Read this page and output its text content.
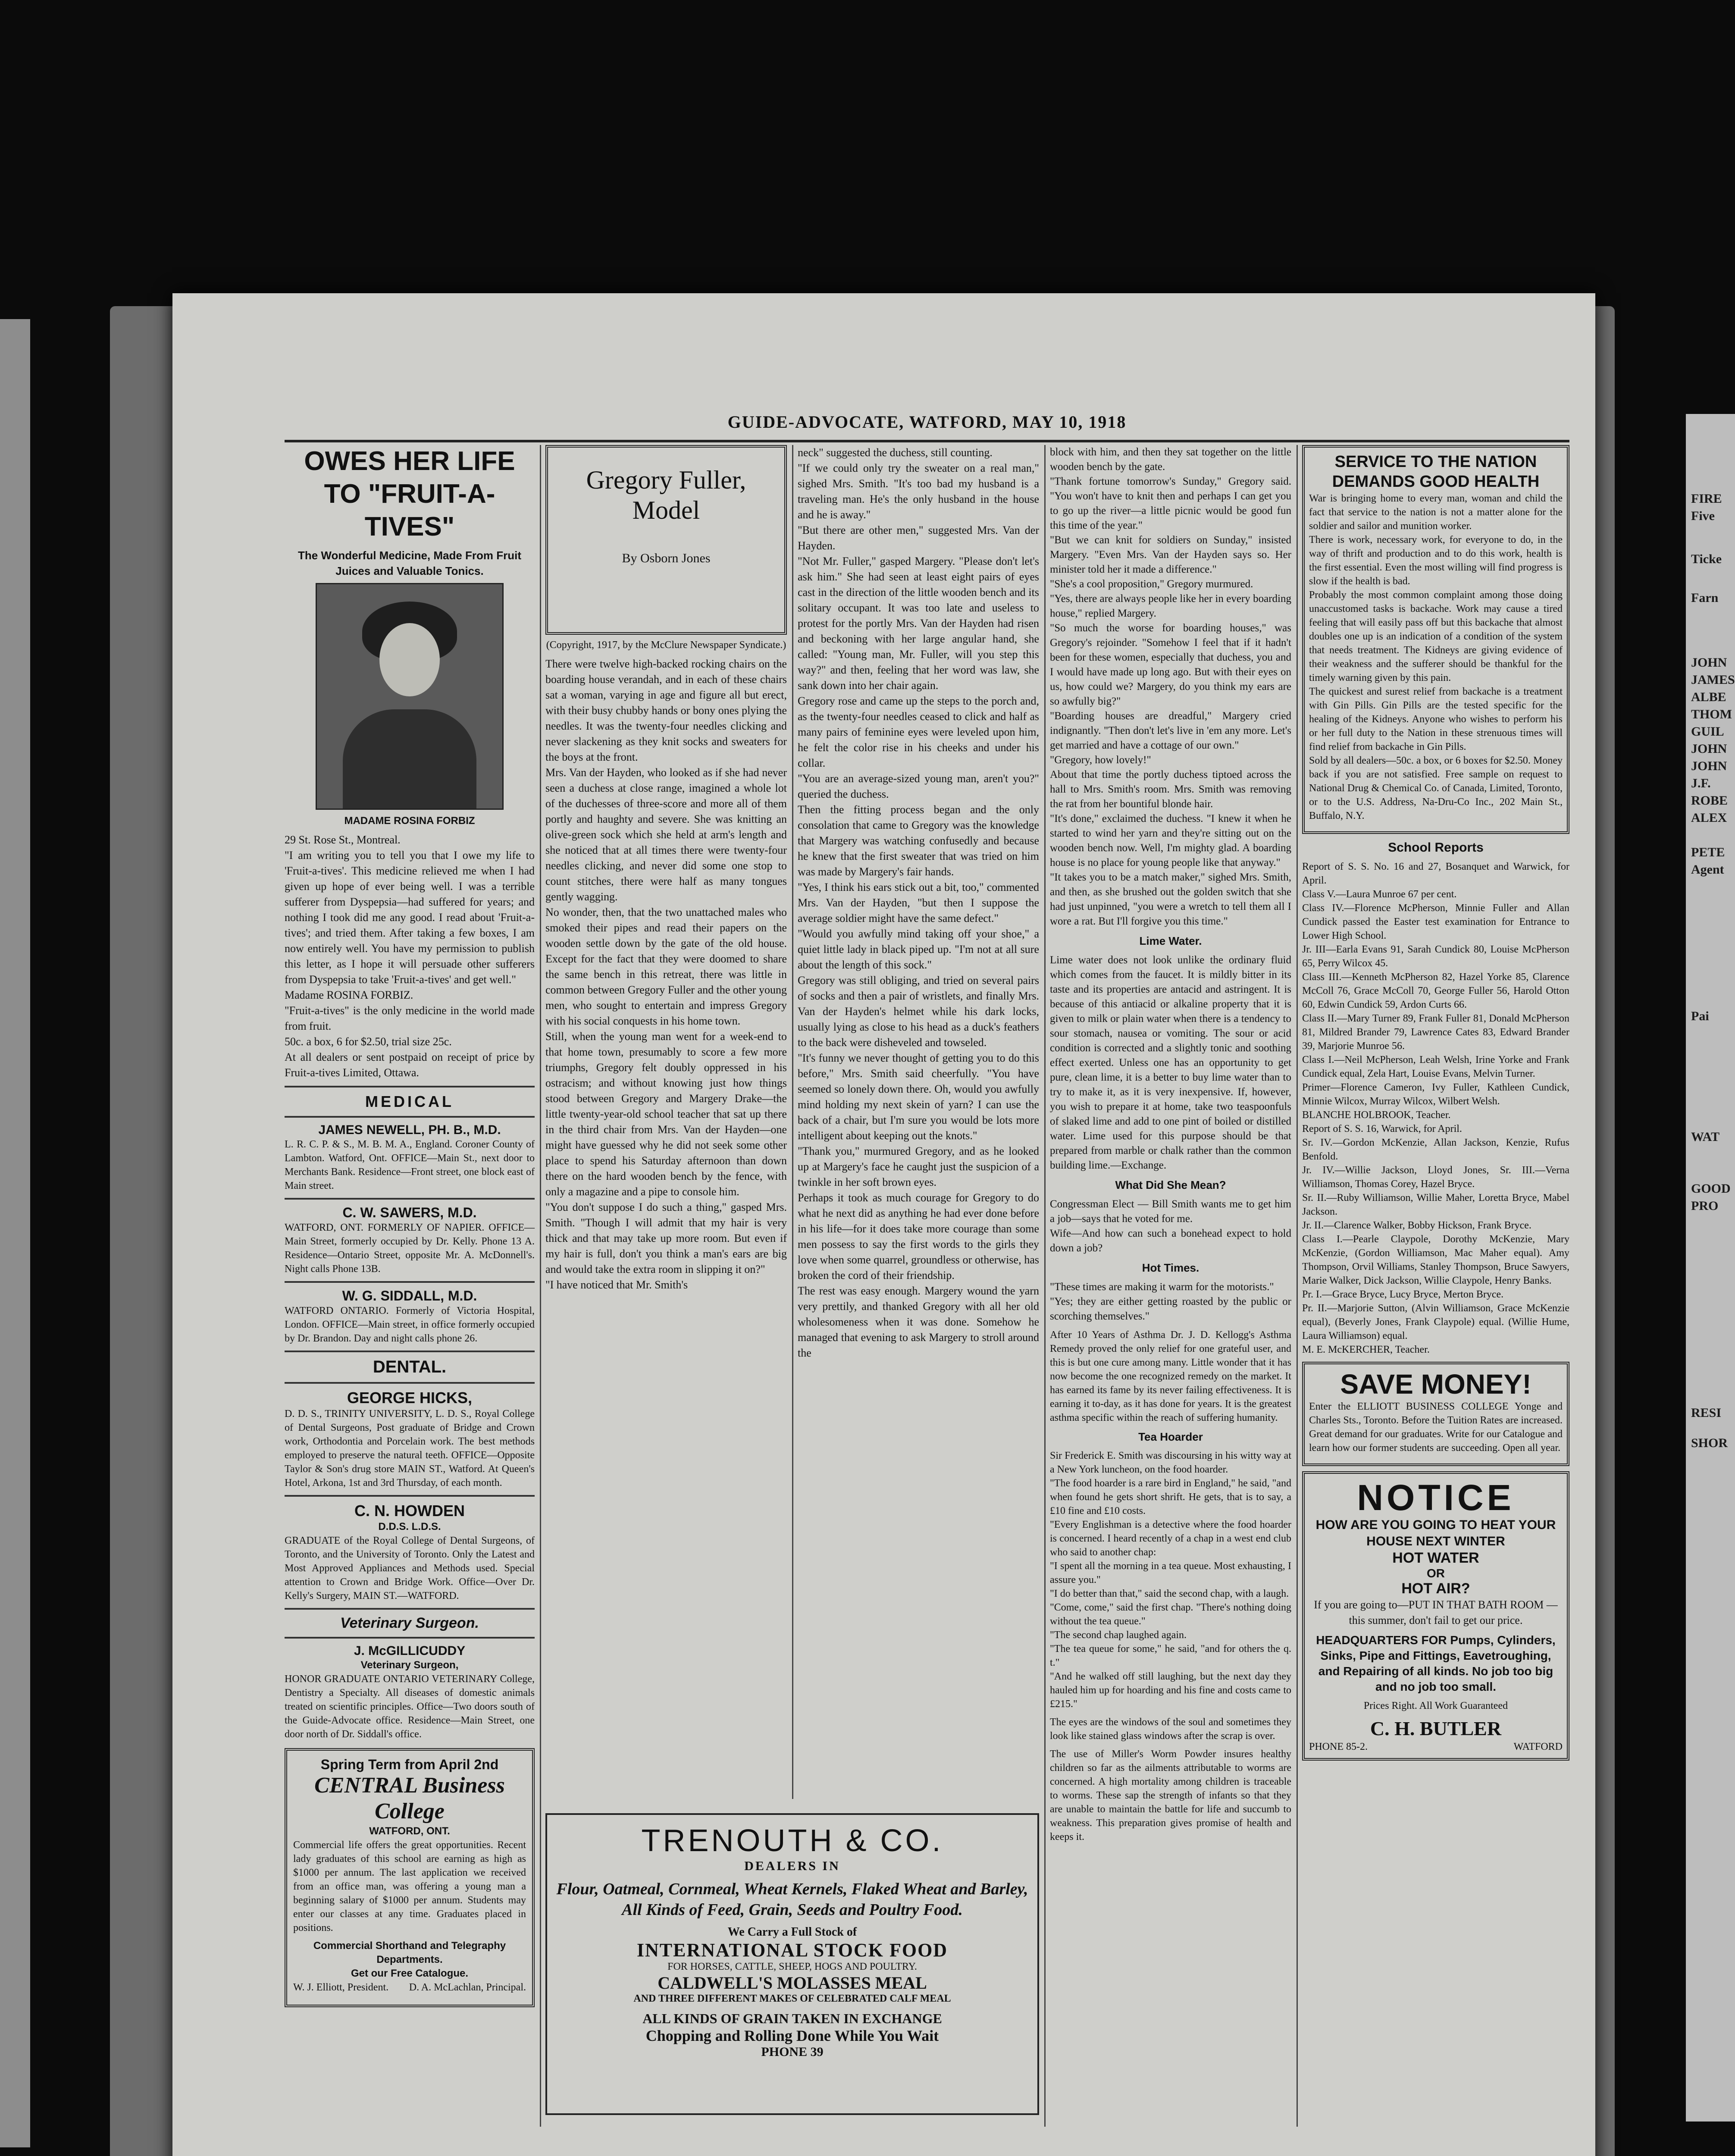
FIRE
Five
Ticke
Farn
JOHN
JAMES
ALBE
THOM
GUIL
JOHN
JOHN
J.F.
ROBE
ALEX
PETE
Agent
Pai
WAT
GOOD
PRO
RESI
SHOR
GUIDE-ADVOCATE, WATFORD, MAY 10, 1918
OWES HER LIFE TO "FRUIT-A-TIVES"
The Wonderful Medicine, Made From Fruit Juices and Valuable Tonics.
MADAME ROSINA FORBIZ
29 St. Rose St., Montreal.
"I am writing you to tell you that I owe my life to 'Fruit-a-tives'. This medicine relieved me when I had given up hope of ever being well. I was a terrible sufferer from Dyspepsia—had suffered for years; and nothing I took did me any good. I read about 'Fruit-a-tives'; and tried them. After taking a few boxes, I am now entirely well. You have my permission to publish this letter, as I hope it will persuade other sufferers from Dyspepsia to take 'Fruit-a-tives' and get well."
Madame ROSINA FORBIZ.
"Fruit-a-tives" is the only medicine in the world made from fruit.
50c. a box, 6 for $2.50, trial size 25c.
At all dealers or sent postpaid on receipt of price by Fruit-a-tives Limited, Ottawa.
MEDICAL
JAMES NEWELL, PH. B., M.D.
L. R. C. P. & S., M. B. M. A., England. Coroner County of Lambton. Watford, Ont. OFFICE—Main St., next door to Merchants Bank. Residence—Front street, one block east of Main street.
C. W. SAWERS, M.D.
WATFORD, ONT. FORMERLY OF NAPIER. OFFICE—Main Street, formerly occupied by Dr. Kelly. Phone 13 A. Residence—Ontario Street, opposite Mr. A. McDonnell's. Night calls Phone 13B.
W. G. SIDDALL, M.D.
WATFORD ONTARIO. Formerly of Victoria Hospital, London. OFFICE—Main street, in office formerly occupied by Dr. Brandon. Day and night calls phone 26.
DENTAL.
GEORGE HICKS,
D. D. S., TRINITY UNIVERSITY, L. D. S., Royal College of Dental Surgeons, Post graduate of Bridge and Crown work, Orthodontia and Porcelain work. The best methods employed to preserve the natural teeth. OFFICE—Opposite Taylor & Son's drug store MAIN ST., Watford. At Queen's Hotel, Arkona, 1st and 3rd Thursday, of each month.
C. N. HOWDEN
D.D.S. L.D.S.
GRADUATE of the Royal College of Dental Surgeons, of Toronto, and the University of Toronto. Only the Latest and Most Approved Appliances and Methods used. Special attention to Crown and Bridge Work. Office—Over Dr. Kelly's Surgery, MAIN ST.—WATFORD.
Veterinary Surgeon.
J. McGILLICUDDY
Veterinary Surgeon,
HONOR GRADUATE ONTARIO VETERINARY College, Dentistry a Specialty. All diseases of domestic animals treated on scientific principles. Office—Two doors south of the Guide-Advocate office. Residence—Main Street, one door north of Dr. Siddall's office.
Spring Term from April 2nd
CENTRAL Business College
WATFORD, ONT.
Commercial life offers the great opportunities. Recent lady graduates of this school are earning as high as $1000 per annum. The last application we received from an office man, was offering a young man a beginning salary of $1000 per annum. Students may enter our classes at any time. Graduates placed in positions.
Commercial Shorthand and Telegraphy Departments.
Get our Free Catalogue.
W. J. Elliott, President. D. A. McLachlan, Principal.
Gregory Fuller, Model
By Osborn Jones
(Copyright, 1917, by the McClure Newspaper Syndicate.)
There were twelve high-backed rocking chairs on the boarding house verandah, and in each of these chairs sat a woman, varying in age and figure all but erect, with their busy chubby hands or bony ones plying the needles. It was the twenty-four needles clicking and never slackening as they knit socks and sweaters for the boys at the front.
Mrs. Van der Hayden, who looked as if she had never seen a duchess at close range, imagined a whole lot of the duchesses of three-score and more all of them portly and haughty and severe. She was knitting an olive-green sock which she held at arm's length and she noticed that at all times there were twenty-four needles clicking, and never did some one stop to count stitches, there were half as many tongues gently wagging.
No wonder, then, that the two unattached males who smoked their pipes and read their papers on the wooden settle down by the gate of the old house. Except for the fact that they were doomed to share the same bench in this retreat, there was little in common between Gregory Fuller and the other young men, who sought to entertain and impress Gregory with his social conquests in his home town.
Still, when the young man went for a week-end to that home town, presumably to score a few more triumphs, Gregory felt doubly oppressed in his ostracism; and without knowing just how things stood between Gregory and Margery Drake—the little twenty-year-old school teacher that sat up there in the third chair from Mrs. Van der Hayden—one might have guessed why he did not seek some other place to spend his Saturday afternoon than down there on the hard wooden bench by the fence, with only a magazine and a pipe to console him.
"You don't suppose I do such a thing," gasped Mrs. Smith. "Though I will admit that my hair is very thick and that may take up more room. But even if my hair is full, don't you think a man's ears are big and would take the extra room in slipping it on?"
"I have noticed that Mr. Smith's
neck" suggested the duchess, still counting.
"If we could only try the sweater on a real man," sighed Mrs. Smith. "It's too bad my husband is a traveling man. He's the only husband in the house and he is away."
"But there are other men," suggested Mrs. Van der Hayden.
"Not Mr. Fuller," gasped Margery. "Please don't let's ask him." She had seen at least eight pairs of eyes cast in the direction of the little wooden bench and its solitary occupant. It was too late and useless to protest for the portly Mrs. Van der Hayden had risen and beckoning with her large angular hand, she called: "Young man, Mr. Fuller, will you step this way?" and then, feeling that her word was law, she sank down into her chair again.
Gregory rose and came up the steps to the porch and, as the twenty-four needles ceased to click and half as many pairs of feminine eyes were leveled upon him, he felt the color rise in his cheeks and under his collar.
"You are an average-sized young man, aren't you?" queried the duchess.
Then the fitting process began and the only consolation that came to Gregory was the knowledge that Margery was watching confusedly and because he knew that the first sweater that was tried on him was made by Margery's fair hands.
"Yes, I think his ears stick out a bit, too," commented Mrs. Van der Hayden, "but then I suppose the average soldier might have the same defect."
"Would you awfully mind taking off your shoe," a quiet little lady in black piped up. "I'm not at all sure about the length of this sock."
Gregory was still obliging, and tried on several pairs of socks and then a pair of wristlets, and finally Mrs. Van der Hayden's helmet while his dark locks, usually lying as close to his head as a duck's feathers to the back were disheveled and towseled.
"It's funny we never thought of getting you to do this before," Mrs. Smith said cheerfully. "You have seemed so lonely down there. Oh, would you awfully mind holding my next skein of yarn? I can use the back of a chair, but I'm sure you would be lots more intelligent about keeping out the knots."
"Thank you," murmured Gregory, and as he looked up at Margery's face he caught just the suspicion of a twinkle in her soft brown eyes.
Perhaps it took as much courage for Gregory to do what he next did as anything he had ever done before in his life—for it does take more courage than some men possess to say the first words to the girls they love when some quarrel, groundless or otherwise, has broken the cord of their friendship.
The rest was easy enough. Margery wound the yarn very prettily, and thanked Gregory with all her old wholesomeness when it was done. Somehow he managed that evening to ask Margery to stroll around the
TRENOUTH & CO.
DEALERS IN
Flour, Oatmeal, Cornmeal, Wheat Kernels, Flaked Wheat and Barley, All Kinds of Feed, Grain, Seeds and Poultry Food.
We Carry a Full Stock of
INTERNATIONAL STOCK FOOD
FOR HORSES, CATTLE, SHEEP, HOGS AND POULTRY.
CALDWELL'S MOLASSES MEAL
AND THREE DIFFERENT MAKES OF CELEBRATED CALF MEAL
ALL KINDS OF GRAIN TAKEN IN EXCHANGE
Chopping and Rolling Done While You Wait
PHONE 39
block with him, and then they sat together on the little wooden bench by the gate.
"Thank fortune tomorrow's Sunday," Gregory said. "You won't have to knit then and perhaps I can get you to go up the river—a little picnic would be good fun this time of the year."
"But we can knit for soldiers on Sunday," insisted Margery. "Even Mrs. Van der Hayden says so. Her minister told her it made a difference."
"She's a cool proposition," Gregory murmured.
"Yes, there are always people like her in every boarding house," replied Margery.
"So much the worse for boarding houses," was Gregory's rejoinder. "Somehow I feel that if it hadn't been for these women, especially that duchess, you and I would have made up long ago. But with their eyes on us, how could we? Margery, do you think my ears are so awfully big?"
"Boarding houses are dreadful," Margery cried indignantly. "Then don't let's live in 'em any more. Let's get married and have a cottage of our own."
"Gregory, how lovely!"
About that time the portly duchess tiptoed across the hall to Mrs. Smith's room. Mrs. Smith was removing the rat from her bountiful blonde hair.
"It's done," exclaimed the duchess. "I knew it when he started to wind her yarn and they're sitting out on the wooden bench now. Well, I'm mighty glad. A boarding house is no place for young people like that anyway."
"It takes you to be a match maker," sighed Mrs. Smith, and then, as she brushed out the golden switch that she had just unpinned, "you were a wretch to tell them all I wore a rat. But I'll forgive you this time."
Lime Water.
Lime water does not look unlike the ordinary fluid which comes from the faucet. It is mildly bitter in its taste and its properties are antacid and astringent. It is because of this antiacid or alkaline property that it is given to milk or plain water when there is a tendency to sour stomach, nausea or vomiting. The sour or acid condition is corrected and a slightly tonic and soothing effect exerted. Unless one has an opportunity to get pure, clean lime, it is a better to buy lime water than to try to make it, as it is very inexpensive. If, however, you wish to prepare it at home, take two teaspoonfuls of slaked lime and add to one pint of boiled or distilled water. Lime used for this purpose should be that prepared from marble or chalk rather than the common building lime.—Exchange.
What Did She Mean?
Congressman Elect — Bill Smith wants me to get him a job—says that he voted for me.
Wife—And how can such a bonehead expect to hold down a job?
Hot Times.
"These times are making it warm for the motorists."
"Yes; they are either getting roasted by the public or scorching themselves."
After 10 Years of Asthma Dr. J. D. Kellogg's Asthma Remedy proved the only relief for one grateful user, and this is but one cure among many. Little wonder that it has now become the one recognized remedy on the market. It has earned its fame by its never failing effectiveness. It is earning it to-day, as it has done for years. It is the greatest asthma specific within the reach of suffering humanity.
Tea Hoarder
Sir Frederick E. Smith was discoursing in his witty way at a New York luncheon, on the food hoarder.
"The food hoarder is a rare bird in England," he said, "and when found he gets short shrift. He gets, that is to say, a £10 fine and £10 costs.
"Every Englishman is a detective where the food hoarder is concerned. I heard recently of a chap in a west end club who said to another chap:
"I spent all the morning in a tea queue. Most exhausting, I assure you."
"I do better than that," said the second chap, with a laugh.
"Come, come," said the first chap. "There's nothing doing without the tea queue."
"The second chap laughed again.
"The tea queue for some," he said, "and for others the q. t."
"And he walked off still laughing, but the next day they hauled him up for hoarding and his fine and costs came to £215."
The eyes are the windows of the soul and sometimes they look like stained glass windows after the scrap is over.
The use of Miller's Worm Powder insures healthy children so far as the ailments attributable to worms are concerned. A high mortality among children is traceable to worms. These sap the strength of infants so that they are unable to maintain the battle for life and succumb to weakness. This preparation gives promise of health and keeps it.
SERVICE TO THE NATION DEMANDS GOOD HEALTH
War is bringing home to every man, woman and child the fact that service to the nation is not a matter alone for the soldier and sailor and munition worker.
There is work, necessary work, for everyone to do, in the way of thrift and production and to do this work, health is the first essential. Even the most willing will find progress is slow if the health is bad.
Probably the most common complaint among those doing unaccustomed tasks is backache. Work may cause a tired feeling that will easily pass off but this backache that almost doubles one up is an indication of a condition of the system that needs treatment. The Kidneys are giving evidence of their weakness and the sufferer should be thankful for the timely warning given by this pain.
The quickest and surest relief from backache is a treatment with Gin Pills. Gin Pills are the tested specific for the healing of the Kidneys. Anyone who wishes to perform his or her full duty to the Nation in these strenuous times will find relief from backache in Gin Pills.
Sold by all dealers—50c. a box, or 6 boxes for $2.50. Money back if you are not satisfied. Free sample on request to National Drug & Chemical Co. of Canada, Limited, Toronto, or to the U.S. Address, Na-Dru-Co Inc., 202 Main St., Buffalo, N.Y.
School Reports
Report of S. S. No. 16 and 27, Bosanquet and Warwick, for April.
Class V.—Laura Munroe 67 per cent.
Class IV.—Florence McPherson, Minnie Fuller and Allan Cundick passed the Easter test examination for Entrance to Lower High School.
Jr. III—Earla Evans 91, Sarah Cundick 80, Louise McPherson 65, Perry Wilcox 45.
Class III.—Kenneth McPherson 82, Hazel Yorke 85, Clarence McColl 76, Grace McColl 70, George Fuller 56, Harold Otton 60, Edwin Cundick 59, Ardon Curts 66.
Class II.—Mary Turner 89, Frank Fuller 81, Donald McPherson 81, Mildred Brander 79, Lawrence Cates 83, Edward Brander 39, Marjorie Munroe 56.
Class I.—Neil McPherson, Leah Welsh, Irine Yorke and Frank Cundick equal, Zela Hart, Louise Evans, Melvin Turner.
Primer—Florence Cameron, Ivy Fuller, Kathleen Cundick, Minnie Wilcox, Murray Wilcox, Wilbert Welsh.
BLANCHE HOLBROOK, Teacher.
Report of S. S. 16, Warwick, for April.
Sr. IV.—Gordon McKenzie, Allan Jackson, Kenzie, Rufus Benfold.
Jr. IV.—Willie Jackson, Lloyd Jones, Sr. III.—Verna Williamson, Thomas Corey, Hazel Bryce.
Sr. II.—Ruby Williamson, Willie Maher, Loretta Bryce, Mabel Jackson.
Jr. II.—Clarence Walker, Bobby Hickson, Frank Bryce.
Class I.—Pearle Claypole, Dorothy McKenzie, Mary McKenzie, (Gordon Williamson, Mac Maher equal). Amy Thompson, Orvil Williams, Stanley Thompson, Bruce Sawyers, Marie Walker, Dick Jackson, Willie Claypole, Henry Banks.
Pr. I.—Grace Bryce, Lucy Bryce, Merton Bryce.
Pr. II.—Marjorie Sutton, (Alvin Williamson, Grace McKenzie equal), (Beverly Jones, Frank Claypole) equal. (Willie Hume, Laura Williamson) equal.
M. E. McKERCHER, Teacher.
SAVE MONEY!
Enter the ELLIOTT BUSINESS COLLEGE Yonge and Charles Sts., Toronto. Before the Tuition Rates are increased. Great demand for our graduates. Write for our Catalogue and learn how our former students are succeeding. Open all year.
NOTICE
HOW ARE YOU GOING TO HEAT YOUR HOUSE NEXT WINTER
HOT WATER
OR
HOT AIR?
If you are going to—PUT IN THAT BATH ROOM — this summer, don't fail to get our price.
HEADQUARTERS FOR Pumps, Cylinders, Sinks, Pipe and Fittings, Eavetroughing, and Repairing of all kinds. No job too big and no job too small.
Prices Right. All Work Guaranteed
C. H. BUTLER
PHONE 85-2.	WATFORD
